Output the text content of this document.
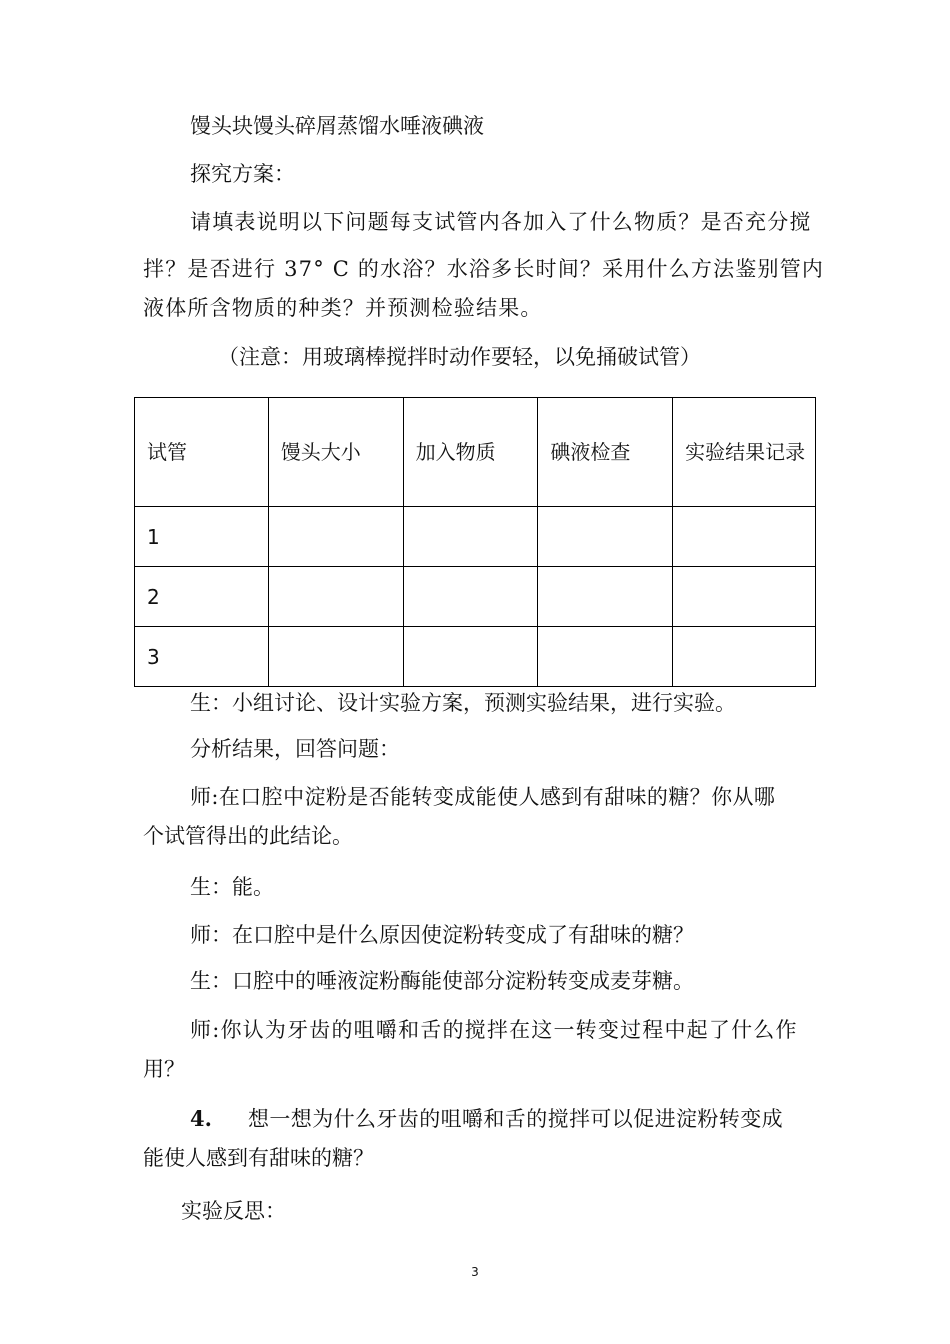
馒头块馒头碎屑蒸馏水唾液碘液
探究方案：
请填表说明以下问题每支试管内各加入了什么物质？是否充分搅
拌？是否进行 37° C 的水浴？水浴多长时间？采用什么方法鉴别管内
液体所含物质的种类？并预测检验结果。
（注意：用玻璃棒搅拌时动作要轻，以免捅破试管）
试管	馒头大小	加入物质	碘液检查	实验结果记录
1				
2				
3				
生：小组讨论、设计实验方案，预测实验结果，进行实验。
分析结果，回答问题：
师:在口腔中淀粉是否能转变成能使人感到有甜味的糖？你从哪
个试管得出的此结论。
生：能。
师：在口腔中是什么原因使淀粉转变成了有甜味的糖？
生：口腔中的唾液淀粉酶能使部分淀粉转变成麦芽糖。
师:你认为牙齿的咀嚼和舌的搅拌在这一转变过程中起了什么作
用？
4. 想一想为什么牙齿的咀嚼和舌的搅拌可以促进淀粉转变成
能使人感到有甜味的糖？
实验反思：
3
